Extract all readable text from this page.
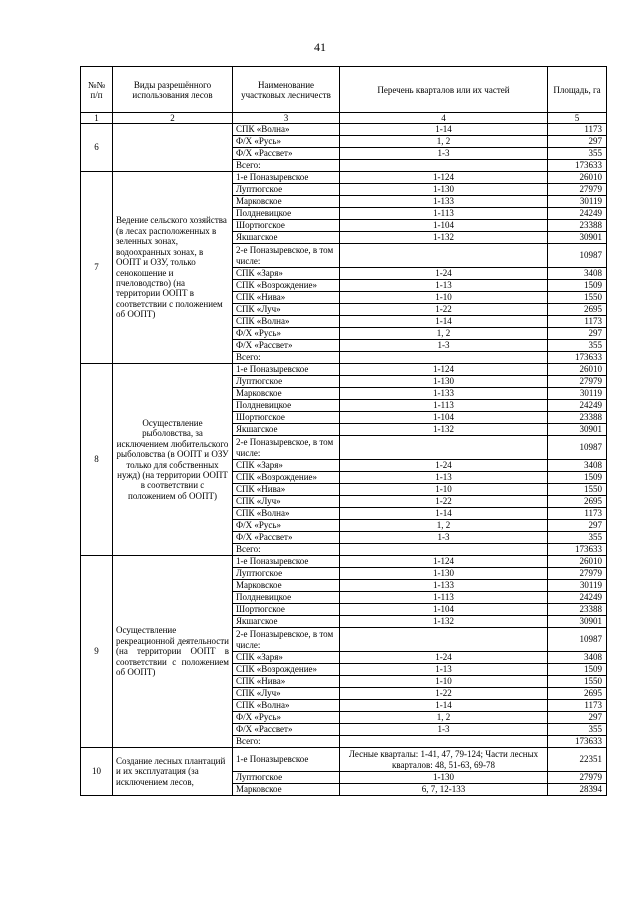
41
№№ п/п	Виды разрешённого использования лесов	Наименование участковых лесничеств	Перечень кварталов или их частей	Площадь, га
1	2	3	4	5
6		СПК «Волна»	1-14	1173
		Ф/Х «Русь»	1, 2	297
		Ф/Х «Рассвет»	1-3	355
		Всего:		173633
7	Ведение сельского хозяйства (в лесах расположенных в зеленных зонах, водоохранных зонах, в ООПТ и ОЗУ, только сенокошение и пчеловодство) (на территории ООПТ в соответствии с положением об ООПТ)	1-е Поназыревское	1-124	26010
		Луптюгское	1-130	27979
		Марковское	1-133	30119
		Полдневицкое	1-113	24249
		Шортюгское	1-104	23388
		Якшагское	1-132	30901
		2-е Поназыревское, в том числе:		10987
		СПК «Заря»	1-24	3408
		СПК «Возрождение»	1-13	1509
		СПК «Нива»	1-10	1550
		СПК «Луч»	1-22	2695
		СПК «Волна»	1-14	1173
		Ф/Х «Русь»	1, 2	297
		Ф/Х «Рассвет»	1-3	355
		Всего:		173633
8	Осуществление рыболовства, за исключением любительского рыболовства (в ООПТ и ОЗУ только для собственных нужд) (на территории ООПТ в соответствии с положением об ООПТ)	1-е Поназыревское	1-124	26010
		Луптюгское	1-130	27979
		Марковское	1-133	30119
		Полдневицкое	1-113	24249
		Шортюгское	1-104	23388
		Якшагское	1-132	30901
		2-е Поназыревское, в том числе:		10987
		СПК «Заря»	1-24	3408
		СПК «Возрождение»	1-13	1509
		СПК «Нива»	1-10	1550
		СПК «Луч»	1-22	2695
		СПК «Волна»	1-14	1173
		Ф/Х «Русь»	1, 2	297
		Ф/Х «Рассвет»	1-3	355
		Всего:		173633
9	Осуществление рекреационной деятельности (на территории ООПТ в соответствии с положением об ООПТ)	1-е Поназыревское	1-124	26010
		Луптюгское	1-130	27979
		Марковское	1-133	30119
		Полдневицкое	1-113	24249
		Шортюгское	1-104	23388
		Якшагское	1-132	30901
		2-е Поназыревское, в том числе:		10987
		СПК «Заря»	1-24	3408
		СПК «Возрождение»	1-13	1509
		СПК «Нива»	1-10	1550
		СПК «Луч»	1-22	2695
		СПК «Волна»	1-14	1173
		Ф/Х «Русь»	1, 2	297
		Ф/Х «Рассвет»	1-3	355
		Всего:		173633
10	Создание лесных плантаций и их эксплуатация (за исключением лесов,	1-е Поназыревское	Лесные кварталы: 1-41, 47, 79-124; Части лесных кварталов: 48, 51-63, 69-78	22351
		Луптюгское	1-130	27979
		Марковское	6, 7, 12-133	28394
